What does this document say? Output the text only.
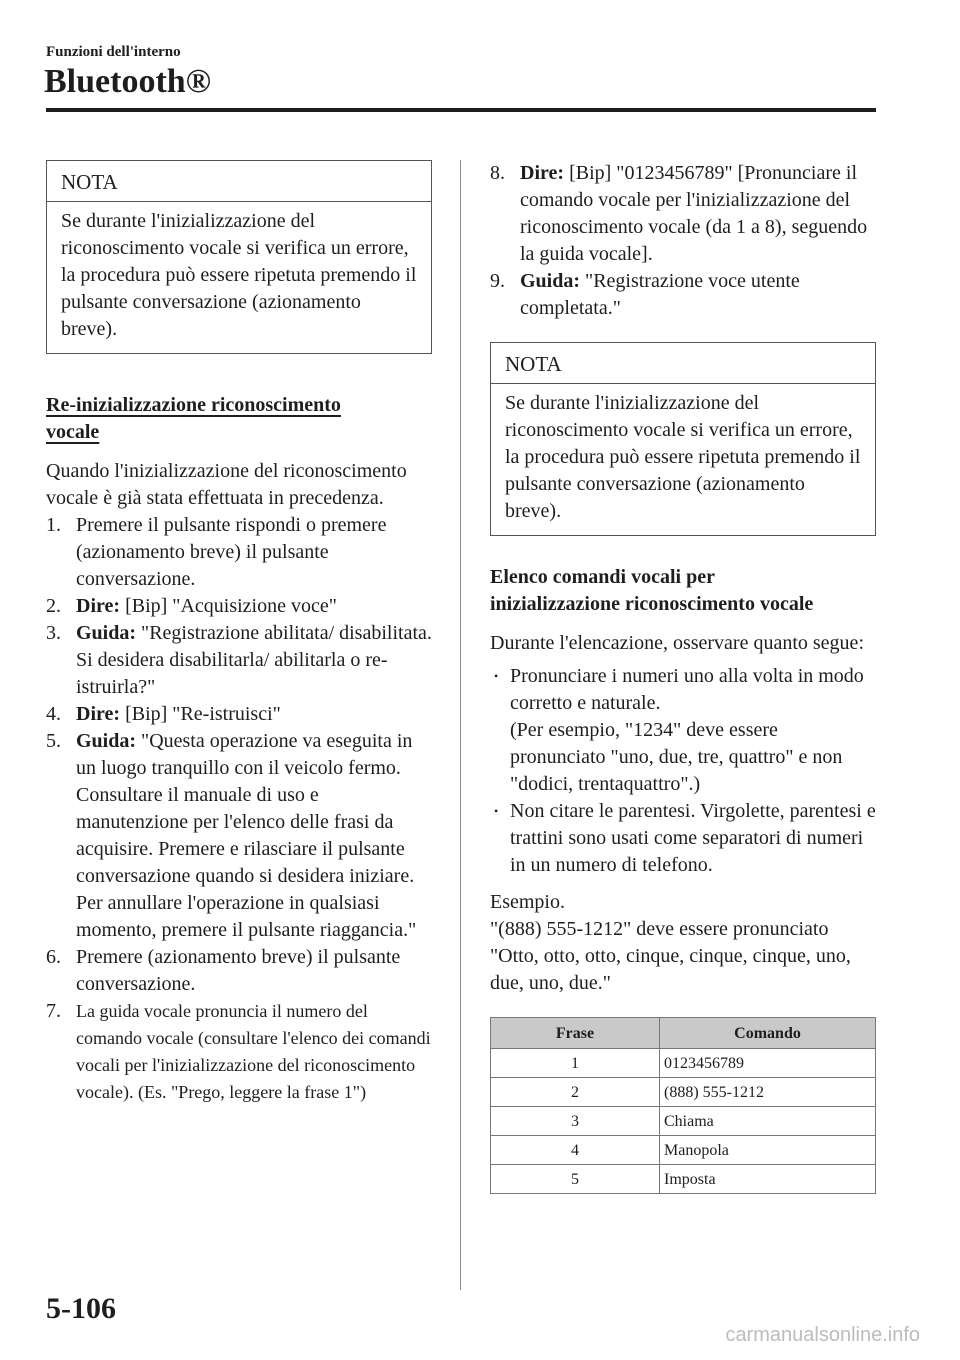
Funzioni dell'interno
Bluetooth®
NOTA
Se durante l'inizializzazione del riconoscimento vocale si verifica un errore, la procedura può essere ripetuta premendo il pulsante conversazione (azionamento breve).
Re-inizializzazione riconoscimento
vocale

Quando l'inizializzazione del riconoscimento vocale è già stata effettuata in precedenza.

1. Premere il pulsante rispondi o premere (azionamento breve) il pulsante conversazione.
2. Dire: [Bip] "Acquisizione voce"
3. Guida: "Registrazione abilitata/ disabilitata. Si desidera disabilitarla/ abilitarla o re-istruirla?"
4. Dire: [Bip] "Re-istruisci"
5. Guida: "Questa operazione va eseguita in un luogo tranquillo con il veicolo fermo. Consultare il manuale di uso e manutenzione per l'elenco delle frasi da acquisire. Premere e rilasciare il pulsante conversazione quando si desidera iniziare. Per annullare l'operazione in qualsiasi momento, premere il pulsante riaggancia."
6. Premere (azionamento breve) il pulsante conversazione.
7. La guida vocale pronuncia il numero del comando vocale (consultare l'elenco dei comandi vocali per l'inizializzazione del riconoscimento vocale). (Es. "Prego, leggere la frase 1")
8. Dire: [Bip] "0123456789" [Pronunciare il comando vocale per l'inizializzazione del riconoscimento vocale (da 1 a 8), seguendo la guida vocale].
9. Guida: "Registrazione voce utente completata."
NOTA
Se durante l'inizializzazione del riconoscimento vocale si verifica un errore, la procedura può essere ripetuta premendo il pulsante conversazione (azionamento breve).
Elenco comandi vocali per
inizializzazione riconoscimento vocale

Durante l'elencazione, osservare quanto segue:

• Pronunciare i numeri uno alla volta in modo corretto e naturale.
(Per esempio, "1234" deve essere pronunciato "uno, due, tre, quattro" e non "dodici, trentaquattro".)
• Non citare le parentesi. Virgolette, parentesi e trattini sono usati come separatori di numeri in un numero di telefono.

Esempio.

"(888) 555-1212" deve essere pronunciato "Otto, otto, otto, cinque, cinque, cinque, uno, due, uno, due."

Frase	Comando
1	0123456789
2	(888) 555-1212
3	Chiama
4	Manopola
5	Imposta
5-106
carmanualsonline.info
